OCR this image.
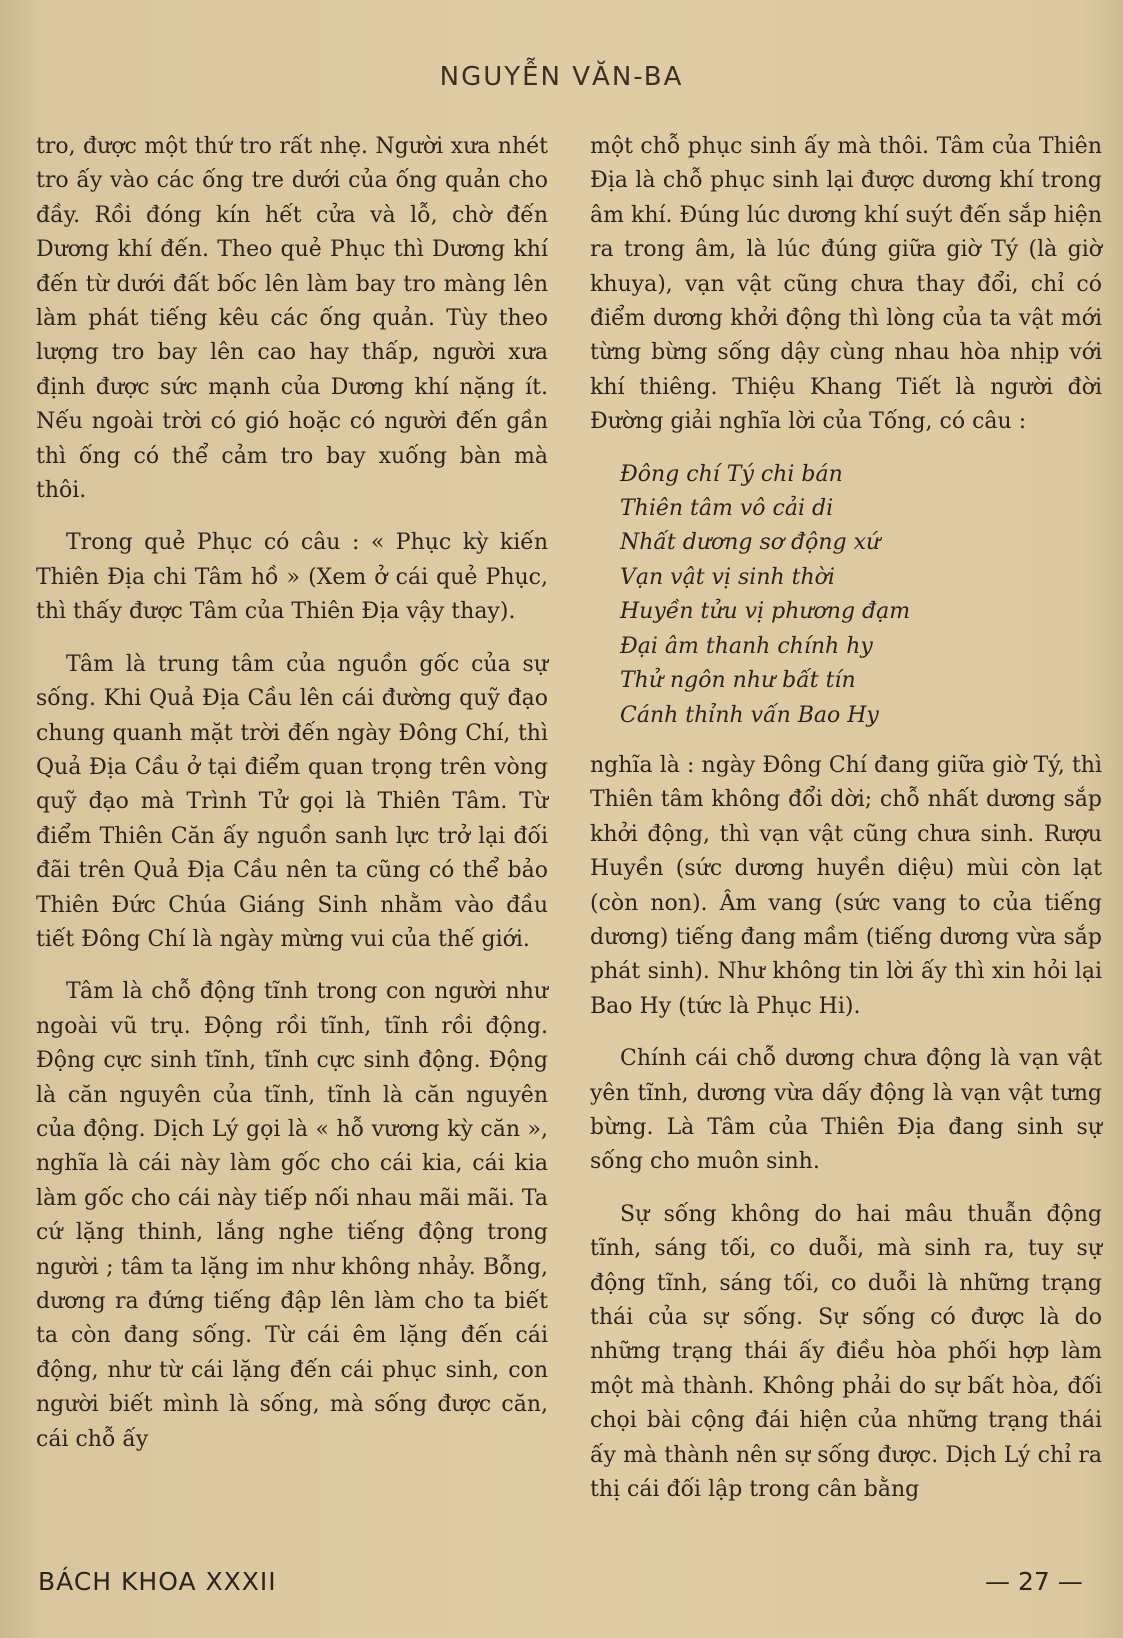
NGUYỄN VĂN-BA

tro, được một thứ tro rất nhẹ. Người xưa nhét tro ấy vào các ống tre dưới của ống quản cho đầy. Rồi đóng kín hết cửa và lỗ, chờ đến Dương khí đến. Theo quẻ Phục thì Dương khí đến từ dưới đất bốc lên làm bay tro màng lên làm phát tiếng kêu các ống quản. Tùy theo lượng tro bay lên cao hay thấp, người xưa định được sức mạnh của Dương khí nặng ít. Nếu ngoài trời có gió hoặc có người đến gần thì ống có thể cảm tro bay xuống bàn mà thôi.

Trong quẻ Phục có câu : « Phục kỳ kiến Thiên Địa chi Tâm hồ » (Xem ở cái quẻ Phục, thì thấy được Tâm của Thiên Địa vậy thay).

Tâm là trung tâm của nguồn gốc của sự sống. Khi Quả Địa Cầu lên cái đường quỹ đạo chung quanh mặt trời đến ngày Đông Chí, thì Quả Địa Cầu ở tại điểm quan trọng trên vòng quỹ đạo mà Trình Tử gọi là Thiên Tâm. Từ điểm Thiên Căn ấy nguồn sanh lực trở lại đối đãi trên Quả Địa Cầu nên ta cũng có thể bảo Thiên Đức Chúa Giáng Sinh nhằm vào đầu tiết Đông Chí là ngày mừng vui của thế giới.

Tâm là chỗ động tĩnh trong con người như ngoài vũ trụ. Động rồi tĩnh, tĩnh rồi động. Động cực sinh tĩnh, tĩnh cực sinh động. Động là căn nguyên của tĩnh, tĩnh là căn nguyên của động. Dịch Lý gọi là « hỗ vương kỳ căn », nghĩa là cái này làm gốc cho cái kia, cái kia làm gốc cho cái này tiếp nối nhau mãi mãi. Ta cứ lặng thinh, lắng nghe tiếng động trong người ; tâm ta lặng im như không nhảy. Bỗng, dương ra đứng tiếng đập lên làm cho ta biết ta còn đang sống. Từ cái êm lặng đến cái động, như từ cái lặng đến cái phục sinh, con người biết mình là sống, mà sống được căn, cái chỗ ấy

một chỗ phục sinh ấy mà thôi. Tâm của Thiên Địa là chỗ phục sinh lại được dương khí trong âm khí. Đúng lúc dương khí suýt đến sắp hiện ra trong âm, là lúc đúng giữa giờ Tý (là giờ khuya), vạn vật cũng chưa thay đổi, chỉ có điểm dương khởi động thì lòng của ta vật mới từng bừng sống dậy cùng nhau hòa nhịp với khí thiêng. Thiệu Khang Tiết là người đời Đường giải nghĩa lời của Tống, có câu :

Đông chí Tý chi bán
Thiên tâm vô cải di
Nhất dương sơ động xứ
Vạn vật vị sinh thời
Huyền tửu vị phương đạm
Đại âm thanh chính hy
Thử ngôn như bất tín
Cánh thỉnh vấn Bao Hy

nghĩa là : ngày Đông Chí đang giữa giờ Tý, thì Thiên tâm không đổi dời; chỗ nhất dương sắp khởi động, thì vạn vật cũng chưa sinh. Rượu Huyền (sức dương huyền diệu) mùi còn lạt (còn non). Âm vang (sức vang to của tiếng dương) tiếng đang mầm (tiếng dương vừa sắp phát sinh). Như không tin lời ấy thì xin hỏi lại Bao Hy (tức là Phục Hi).

Chính cái chỗ dương chưa động là vạn vật yên tĩnh, dương vừa dấy động là vạn vật tưng bừng. Là Tâm của Thiên Địa đang sinh sự sống cho muôn sinh.

Sự sống không do hai mâu thuẫn động tĩnh, sáng tối, co duỗi, mà sinh ra, tuy sự động tĩnh, sáng tối, co duỗi là những trạng thái của sự sống. Sự sống có được là do những trạng thái ấy điều hòa phối hợp làm một mà thành. Không phải do sự bất hòa, đối chọi bài cộng đái hiện của những trạng thái ấy mà thành nên sự sống được. Dịch Lý chỉ ra thị cái đối lập trong cân bằng

BÁCH KHOA XXXII	— 27 —
